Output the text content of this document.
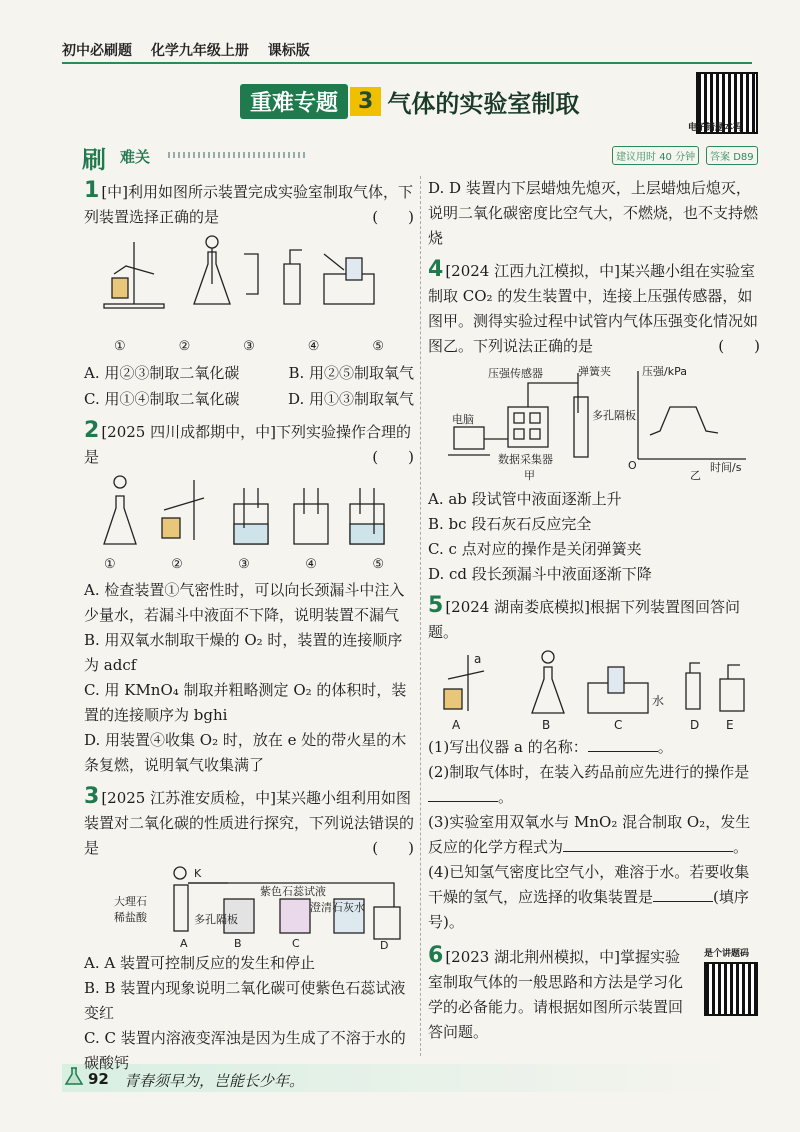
初中必刷题 化学九年级上册 课标版
重难专题 3 气体的实验室制取
电子错题本码
刷 难关	建议用时 40 分钟	答案 D89
1 [中]利用如图所示装置完成实验室制取气体，下列装置选择正确的是	(　　)
①	②	③	④	⑤
A. 用②③制取二氧化碳	B. 用②⑤制取氧气
C. 用①④制取二氧化碳	D. 用①③制取氧气
2 [2025 四川成都期中，中]下列实验操作合理的是	(　　)
①	②	③	④	⑤
A. 检查装置①气密性时，可以向长颈漏斗中注入少量水，若漏斗中液面不下降，说明装置不漏气
B. 用双氧水制取干燥的 O₂ 时，装置的连接顺序为 adcf
C. 用 KMnO₄ 制取并粗略测定 O₂ 的体积时，装置的连接顺序为 bghi
D. 用装置④收集 O₂ 时，放在 e 处的带火星的木条复燃，说明氧气收集满了
3 [2025 江苏淮安质检，中]某兴趣小组利用如图装置对二氧化碳的性质进行探究，下列说法错误的是	(　　)
大理石
稀盐酸	多孔隔板
紫色石蕊试液
澄清石灰水
K
A	B	C	D
A. A 装置可控制反应的发生和停止
B. B 装置内现象说明二氧化碳可使紫色石蕊试液变红
C. C 装置内溶液变浑浊是因为生成了不溶于水的碳酸钙
D. D 装置内下层蜡烛先熄灭，上层蜡烛后熄灭，说明二氧化碳密度比空气大，不燃烧，也不支持燃烧
4 [2024 江西九江模拟，中]某兴趣小组在实验室制取 CO₂ 的发生装置中，连接上压强传感器，如图甲。测得实验过程中试管内气体压强变化情况如图乙。下列说法正确的是	(　　)
压强传感器	弹簧夹
电脑
数据采集器
多孔隔板
甲	乙
压强/kPa
时间/s
O
A. ab 段试管中液面逐渐上升
B. bc 段石灰石反应完全
C. c 点对应的操作是关闭弹簧夹
D. cd 段长颈漏斗中液面逐渐下降
5 [2024 湖南娄底模拟]根据下列装置图回答问题。
a
A	B	C	D E
水
(1)写出仪器 a 的名称：	。
(2)制取气体时，在装入药品前应先进行的操作是。
(3)实验室用双氧水与 MnO₂ 混合制取 O₂，发生反应的化学方程式为	。
(4)已知氢气密度比空气小，难溶于水。若要收集干燥的氢气，应选择的收集装置是	(填序号)。
6 [2023 湖北荆州模拟，中]掌握实验室制取气体的一般思路和方法是学习化学的必备能力。请根据如图所示装置回答问题。
是个讲题码
92 青春须早为，岂能长少年。
